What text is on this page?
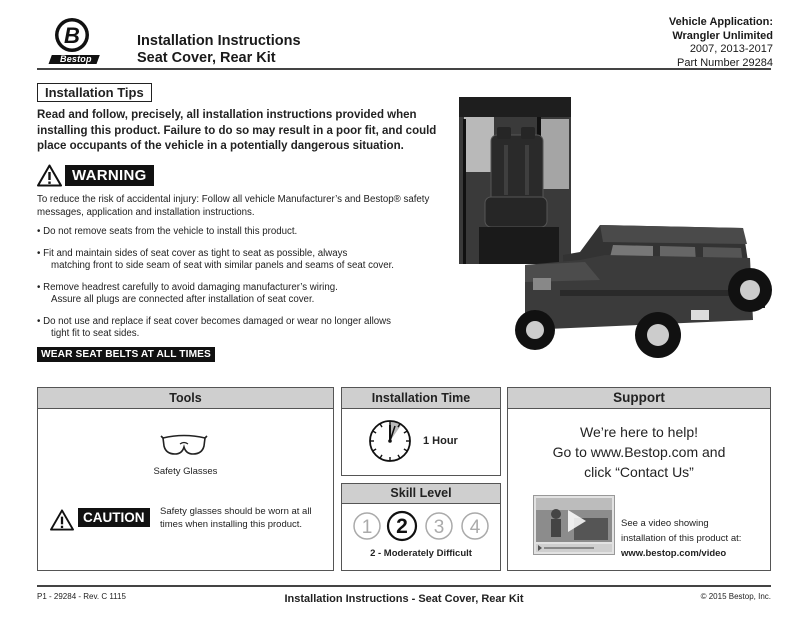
B
Bestop
Installation Instructions
Seat Cover, Rear Kit
Vehicle Application:
Wrangler Unlimited
2007, 2013-2017
Part Number 29284
Installation Tips
Read and follow, precisely, all installation instructions provided when installing this product. Failure to do so may result in a poor fit, and could place occupants of the vehicle in a potentially dangerous situation.
WARNING
To reduce the risk of accidental injury: Follow all vehicle Manufacturer’s and Bestop® safety messages, application and installation instructions.
• Do not remove seats from the vehicle to install this product.
• Fit and maintain sides of seat cover as tight to seat as possible, always
matching front to side seam of seat with similar panels and seams of seat cover.
• Remove headrest carefully to avoid damaging manufacturer’s wiring.
Assure all plugs are connected after installation of seat cover.
• Do not use and replace if seat cover becomes damaged or wear no longer allows
tight fit to seat sides.
WEAR SEAT BELTS AT ALL TIMES
Tools
Safety Glasses
CAUTION	Safety glasses should be worn at all times when installing this product.
Installation Time
1 Hour
Skill Level
1 2 3 4
2 - Moderately Difficult
Support
We’re here to help!
Go to www.Bestop.com and
click “Contact Us”
See a video showing
installation of this product at:
www.bestop.com/video
P1 - 29284 - Rev. C 1115	Installation Instructions - Seat Cover, Rear Kit	© 2015 Bestop, Inc.
